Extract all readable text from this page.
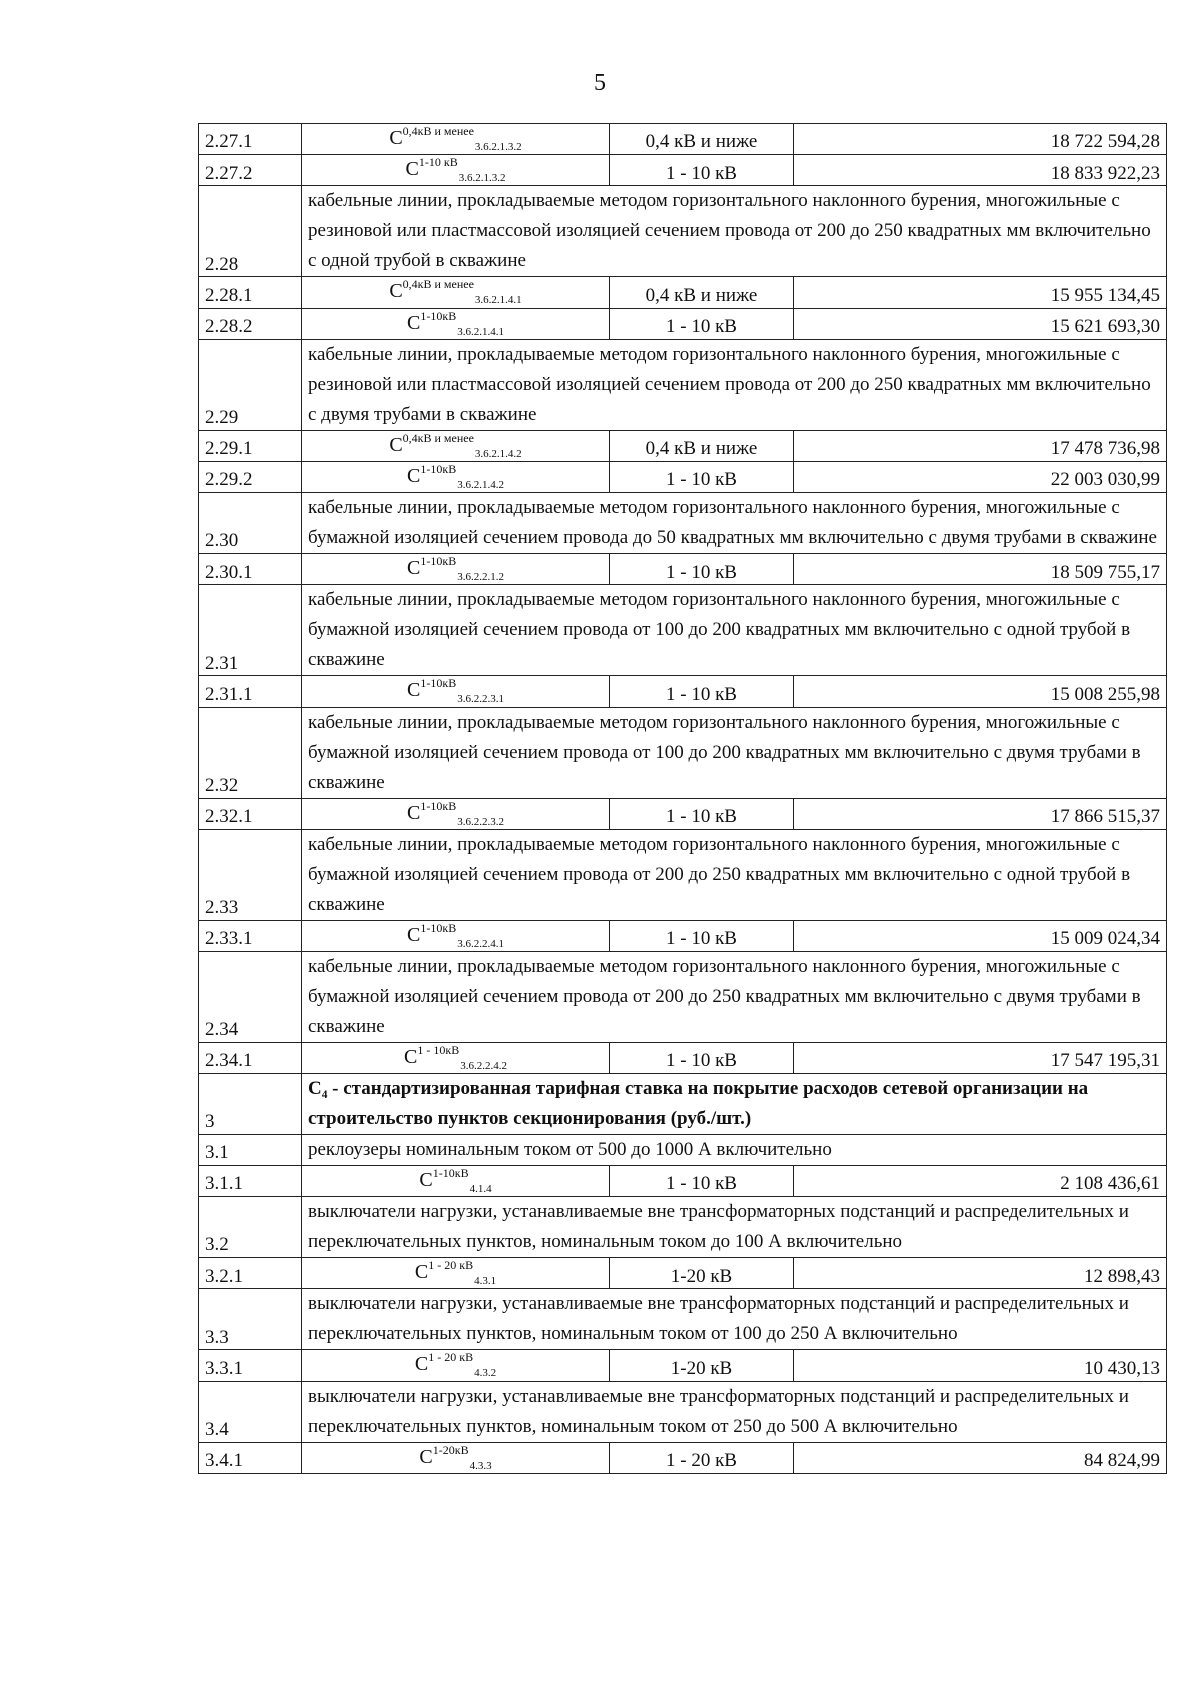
5
2.27.1	$C^{0,4кВ и менее}_{3.6.2.1.3.2}$	0,4 кВ и ниже	18 722 594,28
2.27.2	$C^{1-10 кВ}_{3.6.2.1.3.2}$	1 - 10 кВ	18 833 922,23
2.28	кабельные линии, прокладываемые методом горизонтального наклонного бурения, многожильные с резиновой или пластмассовой изоляцией сечением провода от 200 до 250 квадратных мм включительно с одной трубой в скважине		
2.28.1	$C^{0,4кВ и менее}_{3.6.2.1.4.1}$	0,4 кВ и ниже	15 955 134,45
2.28.2	$C^{1-10кВ}_{3.6.2.1.4.1}$	1 - 10 кВ	15 621 693,30
2.29	кабельные линии, прокладываемые методом горизонтального наклонного бурения, многожильные с резиновой или пластмассовой изоляцией сечением провода от 200 до 250 квадратных мм включительно с двумя трубами в скважине		
2.29.1	$C^{0,4кВ и менее}_{3.6.2.1.4.2}$	0,4 кВ и ниже	17 478 736,98
2.29.2	$C^{1-10кВ}_{3.6.2.1.4.2}$	1 - 10 кВ	22 003 030,99
2.30	кабельные линии, прокладываемые методом горизонтального наклонного бурения, многожильные с бумажной изоляцией сечением провода до 50 квадратных мм включительно с двумя трубами в скважине		
2.30.1	$C^{1-10кВ}_{3.6.2.2.1.2}$	1 - 10 кВ	18 509 755,17
2.31	кабельные линии, прокладываемые методом горизонтального наклонного бурения, многожильные с бумажной изоляцией сечением провода от 100 до 200 квадратных мм включительно с одной трубой в скважине		
2.31.1	$C^{1-10кВ}_{3.6.2.2.3.1}$	1 - 10 кВ	15 008 255,98
2.32	кабельные линии, прокладываемые методом горизонтального наклонного бурения, многожильные с бумажной изоляцией сечением провода от 100 до 200 квадратных мм включительно с двумя трубами в скважине		
2.32.1	$C^{1-10кВ}_{3.6.2.2.3.2}$	1 - 10 кВ	17 866 515,37
2.33	кабельные линии, прокладываемые методом горизонтального наклонного бурения, многожильные с бумажной изоляцией сечением провода от 200 до 250 квадратных мм включительно с одной трубой в скважине		
2.33.1	$C^{1-10кВ}_{3.6.2.2.4.1}$	1 - 10 кВ	15 009 024,34
2.34	кабельные линии, прокладываемые методом горизонтального наклонного бурения, многожильные с бумажной изоляцией сечением провода от 200 до 250 квадратных мм включительно с двумя трубами в скважине		
2.34.1	$C^{1 - 10кВ}_{3.6.2.2.4.2}$	1 - 10 кВ	17 547 195,31
3	C₄ - стандартизированная тарифная ставка на покрытие расходов сетевой организации на строительство пунктов секционирования (руб./шт.)		
3.1	реклоузеры номинальным током от 500 до 1000 А включительно		
3.1.1	$C^{1-10кВ}_{4.1.4}$	1 - 10 кВ	2 108 436,61
3.2	выключатели нагрузки, устанавливаемые вне трансформаторных подстанций и распределительных и переключательных пунктов, номинальным током до 100 А включительно		
3.2.1	$C^{1 - 20 кВ}_{4.3.1}$	1-20 кВ	12 898,43
3.3	выключатели нагрузки, устанавливаемые вне трансформаторных подстанций и распределительных и переключательных пунктов, номинальным током от 100 до 250 А включительно		
3.3.1	$C^{1 - 20 кВ}_{4.3.2}$	1-20 кВ	10 430,13
3.4	выключатели нагрузки, устанавливаемые вне трансформаторных подстанций и распределительных и переключательных пунктов, номинальным током от 250 до 500 А включительно		
3.4.1	$C^{1-20кВ}_{4.3.3}$	1 - 20 кВ	84 824,99
